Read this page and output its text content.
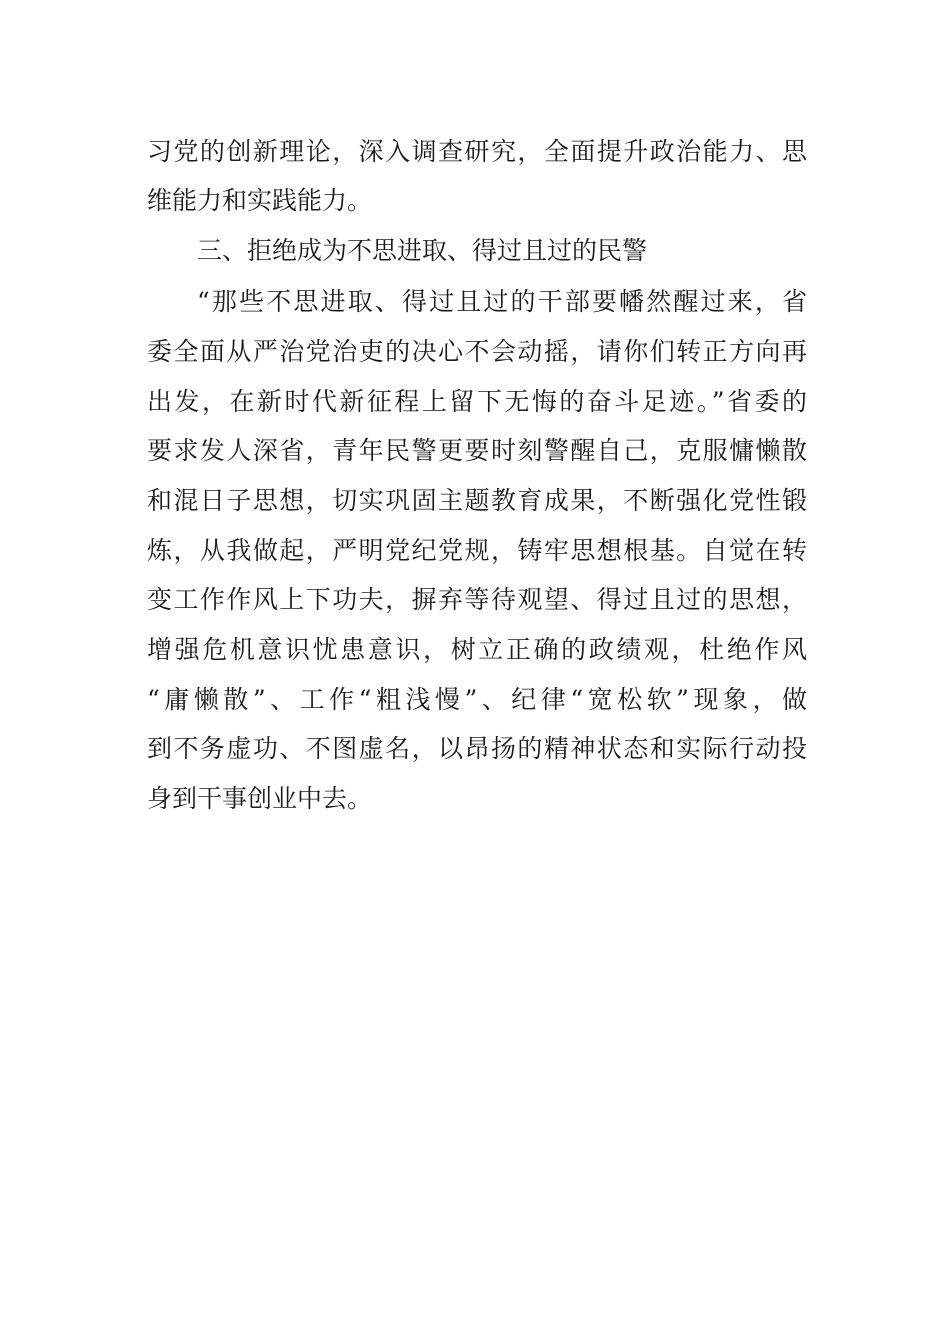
习党的创新理论，深入调查研究，全面提升政治能力、思
维能力和实践能力。
三、拒绝成为不思进取、得过且过的民警
“那些不思进取、得过且过的干部要幡然醒过来，省
委全面从严治党治吏的决心不会动摇，请你们转正方向再
出发，在新时代新征程上留下无悔的奋斗足迹。”省委的
要求发人深省，青年民警更要时刻警醒自己，克服慵懒散
和混日子思想，切实巩固主题教育成果，不断强化党性锻
炼，从我做起，严明党纪党规，铸牢思想根基。自觉在转
变工作作风上下功夫，摒弃等待观望、得过且过的思想，
增强危机意识忧患意识，树立正确的政绩观，杜绝作风
“庸懒散”、工作“粗浅慢”、纪律“宽松软”现象，做
到不务虚功、不图虚名，以昂扬的精神状态和实际行动投
身到干事创业中去。
